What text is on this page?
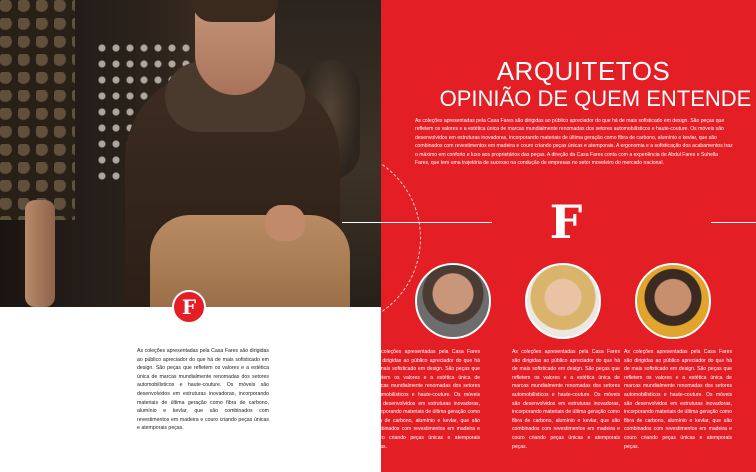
F

As coleções apresentadas pela Casa Fares são dirigidas ao público apreciador do que há de mais sofisticado em design. São peças que refletem os valores e a estética única de marcas mundialmente renomadas dos setores automobilísticos e haute-couture. Os móveis são desenvolvidos em estruturas inovadoras, incorporando materiais de última geração como fibra de carbono, alumínio e kevlar, que são combinados com revestimentos em madeira e couro criando peças únicas e atemporais peças.

ARQUITETOS
OPINIÃO DE QUEM ENTENDE

As coleções apresentadas pela Casa Fares são dirigidas ao público apreciador do que há de mais sofisticado em design. São peças que refletem os valores e a estética única de marcas mundialmente renomadas dos setores automobilísticos e haute-couture. Os móveis são desenvolvidos em estruturas inovadoras, incorporando materiais de última geração como fibra de carbono, alumínio e kevlar, que são combinados com revestimentos em madeira e couro criando peças únicas e atemporais. A ergonomia e a sofisticação dos acabamentos traz o máximo em conforto e luxo aos proprietários das peças. A direção da Casa Fares conta com a experiência de Abdul Fares e Suhella Fares, que tem uma trajetória de sucesso na condução de empresas no setor moveleiro do mercado nacional.

F

As coleções apresentadas pela Casa Fares são dirigidas ao público apreciador do que há de mais sofisticado em design. São peças que refletem os valores e a estética única de marcas mundialmente renomadas dos setores automobilísticos e haute-couture. Os móveis são desenvolvidos em estruturas inovadoras, incorporando materiais de última geração como fibra de carbono, alumínio e kevlar, que são combinados com revestimentos em madeira e couro criando peças únicas e atemporais peças.

As coleções apresentadas pela Casa Fares são dirigidas ao público apreciador do que há de mais sofisticado em design. São peças que refletem os valores e a estética única de marcas mundialmente renomadas dos setores automobilísticos e haute-couture. Os móveis são desenvolvidos em estruturas inovadoras, incorporando materiais de última geração como fibra de carbono, alumínio e kevlar, que são combinados com revestimentos em madeira e couro criando peças únicas e atemporais peças.

As coleções apresentadas pela Casa Fares são dirigidas ao público apreciador do que há de mais sofisticado em design. São peças que refletem os valores e a estética única de marcas mundialmente renomadas dos setores automobilísticos e haute-couture. Os móveis são desenvolvidos em estruturas inovadoras, incorporando materiais de última geração como fibra de carbono, alumínio e kevlar, que são combinados com revestimentos em madeira e couro criando peças únicas e atemporais peças.
